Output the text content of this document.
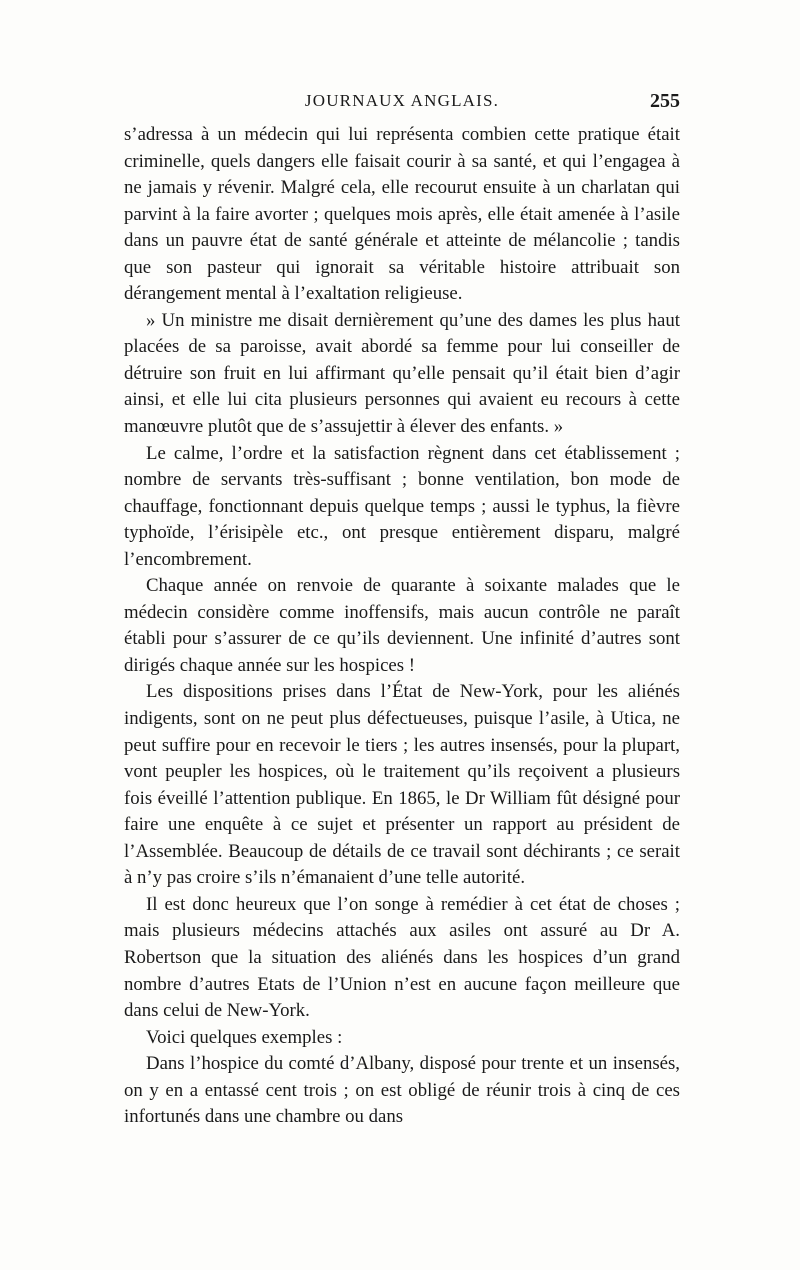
JOURNAUX ANGLAIS.	255

s’adressa à un médecin qui lui représenta combien cette pratique était criminelle, quels dangers elle faisait courir à sa santé, et qui l’engagea à ne jamais y révenir. Malgré cela, elle recourut ensuite à un charlatan qui parvint à la faire avorter ; quelques mois après, elle était amenée à l’asile dans un pauvre état de santé générale et atteinte de mélancolie ; tandis que son pasteur qui ignorait sa véritable histoire attribuait son dérangement mental à l’exaltation religieuse.

» Un ministre me disait dernièrement qu’une des dames les plus haut placées de sa paroisse, avait abordé sa femme pour lui conseiller de détruire son fruit en lui affirmant qu’elle pensait qu’il était bien d’agir ainsi, et elle lui cita plusieurs personnes qui avaient eu recours à cette manœuvre plutôt que de s’assujettir à élever des enfants. »

Le calme, l’ordre et la satisfaction règnent dans cet établissement ; nombre de servants très-suffisant ; bonne ventilation, bon mode de chauffage, fonctionnant depuis quelque temps ; aussi le typhus, la fièvre typhoïde, l’érisipèle etc., ont presque entièrement disparu, malgré l’encombrement.

Chaque année on renvoie de quarante à soixante malades que le médecin considère comme inoffensifs, mais aucun contrôle ne paraît établi pour s’assurer de ce qu’ils deviennent. Une infinité d’autres sont dirigés chaque année sur les hospices !

Les dispositions prises dans l’État de New-York, pour les aliénés indigents, sont on ne peut plus défectueuses, puisque l’asile, à Utica, ne peut suffire pour en recevoir le tiers ; les autres insensés, pour la plupart, vont peupler les hospices, où le traitement qu’ils reçoivent a plusieurs fois éveillé l’attention publique. En 1865, le Dr William fût désigné pour faire une enquête à ce sujet et présenter un rapport au président de l’Assemblée. Beaucoup de détails de ce travail sont déchirants ; ce serait à n’y pas croire s’ils n’émanaient d’une telle autorité.

Il est donc heureux que l’on songe à remédier à cet état de choses ; mais plusieurs médecins attachés aux asiles ont assuré au Dr A. Robertson que la situation des aliénés dans les hospices d’un grand nombre d’autres Etats de l’Union n’est en aucune façon meilleure que dans celui de New-York.

Voici quelques exemples :

Dans l’hospice du comté d’Albany, disposé pour trente et un insensés, on y en a entassé cent trois ; on est obligé de réunir trois à cinq de ces infortunés dans une chambre ou dans
